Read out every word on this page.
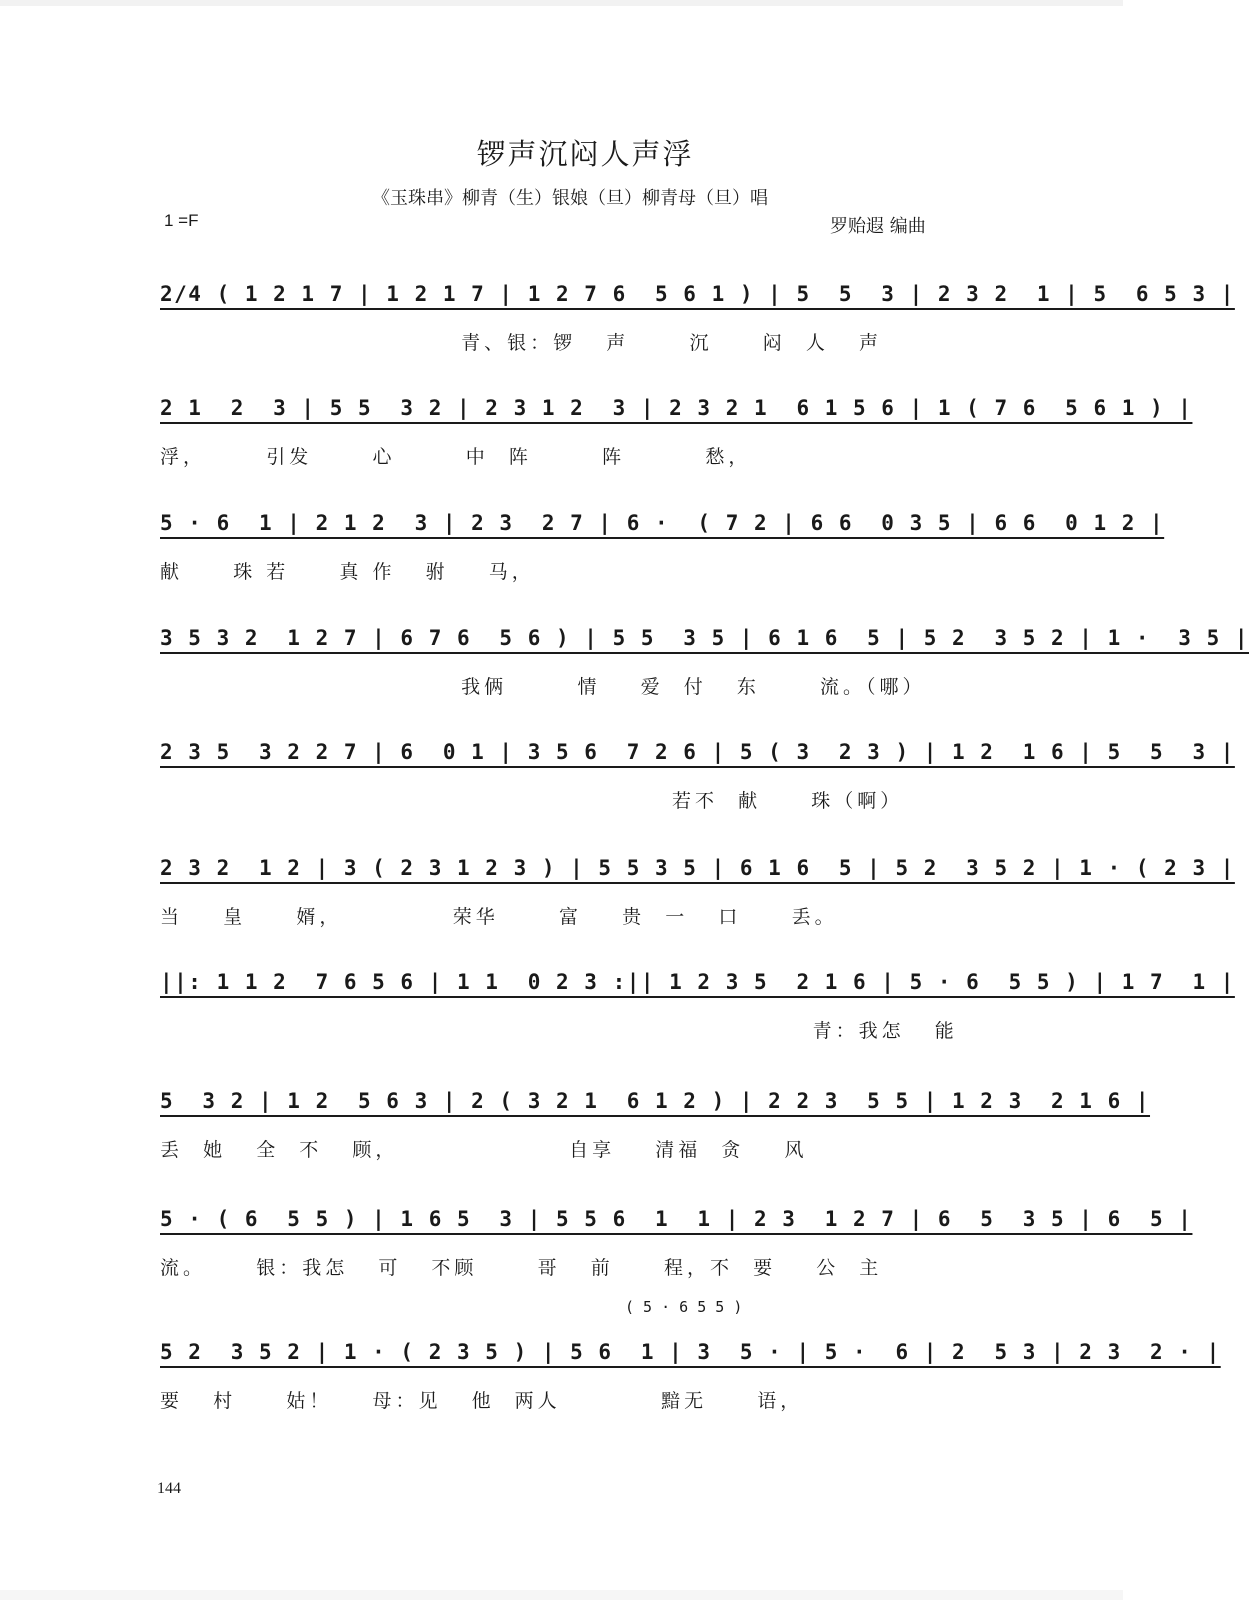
锣声沉闷人声浮
《玉珠串》柳青（生）银娘（旦）柳青母（旦）唱
1 =F	罗贻遐 编曲
2/4 ( 1 2 1 7 | 1 2 1 7 | 1 2 7 6  5 6 1 ) | 5  5  3 | 2 3 2  1 | 5  6 5 3 |
青、银：锣   声      沉     闷  人   声
2 1  2  3 | 5 5  3 2 | 2 3 1 2  3 | 2 3 2 1  6 1 5 6 | 1 ( 7 6  5 6 1 ) |
浮，      引发      心       中  阵       阵        愁，
5 · 6  1 | 2 1 2  3 | 2 3  2 7 | 6 ·  ( 7 2 | 6 6  0 3 5 | 6 6  0 1 2 |
献     珠 若     真 作   驸    马，
3 5 3 2  1 2 7 | 6 7 6  5 6 ) | 5 5  3 5 | 6 1 6  5 | 5 2  3 5 2 | 1 ·  3 5 |
我俩       情    爱  付   东      流。（哪）
2 3 5  3 2 2 7 | 6  0 1 | 3 5 6  7 2 6 | 5 ( 3  2 3 ) | 1 2  1 6 | 5  5  3 |
若不  献     珠（啊）
2 3 2  1 2 | 3 ( 2 3 1 2 3 ) | 5 5 3 5 | 6 1 6  5 | 5 2  3 5 2 | 1 · ( 2 3 |
当    皇     婿，           荣华      富    贵  一   口     丢。
||: 1 1 2  7 6 5 6 | 1 1  0 2 3 :|| 1 2 3 5  2 1 6 | 5 · 6  5 5 ) | 1 7  1 |
青：我怎   能
5  3 2 | 1 2  5 6 3 | 2 ( 3 2 1  6 1 2 ) | 2 2 3  5 5 | 1 2 3  2 1 6 |
丢  她   全  不   顾，                 自享    清福  贪    风
5 · ( 6  5 5 ) | 1 6 5  3 | 5 5 6  1  1 | 2 3  1 2 7 | 6  5  3 5 | 6  5 |
流。     银：我怎   可   不顾      哥   前     程，不  要    公  主
5 2  3 5 2 | 1 · ( 2 3 5 ) | 5 6  1 | 3  5 · | 5 ·  6 | 2  5 3 | 2 3  2 · |
要   村     姑！    母：见   他  两人          黯无     语，
( 5 · 6 5 5 )
144
